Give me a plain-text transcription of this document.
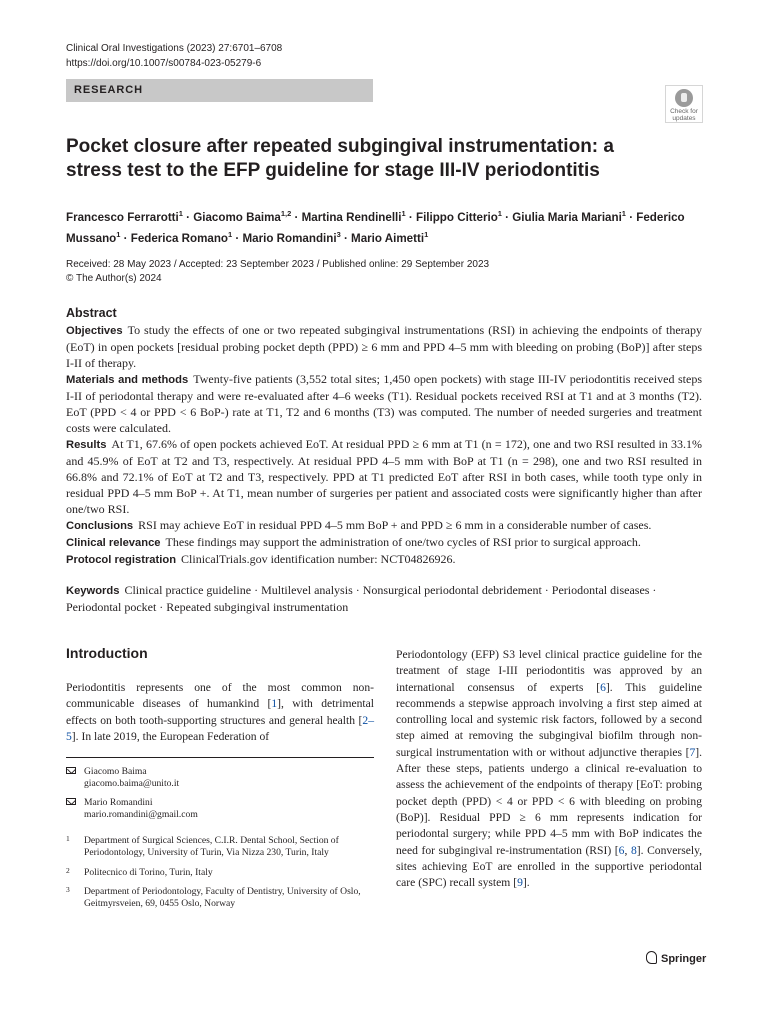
Clinical Oral Investigations (2023) 27:6701–6708
https://doi.org/10.1007/s00784-023-05279-6
RESEARCH
Check for
updates
Pocket closure after repeated subgingival instrumentation: a stress test to the EFP guideline for stage III-IV periodontitis
Francesco Ferrarotti$^1$ · Giacomo Baima$^{1,2}$ · Martina Rendinelli$^1$ · Filippo Citterio$^1$ · Giulia Maria Mariani$^1$ · Federico Mussano$^1$ · Federica Romano$^1$ · Mario Romandini$^3$ · Mario Aimetti$^1$
Received: 28 May 2023 / Accepted: 23 September 2023 / Published online: 29 September 2023
© The Author(s) 2024
Abstract

Objectives To study the effects of one or two repeated subgingival instrumentations (RSI) in achieving the endpoints of therapy (EoT) in open pockets [residual probing pocket depth (PPD) ≥ 6 mm and PPD 4–5 mm with bleeding on probing (BoP)] after steps I-II of therapy.

Materials and methods Twenty-five patients (3,552 total sites; 1,450 open pockets) with stage III-IV periodontitis received steps I-II of periodontal therapy and were re-evaluated after 4–6 weeks (T1). Residual pockets received RSI at T1 and at 3 months (T2). EoT (PPD < 4 or PPD < 6 BoP-) rate at T1, T2 and 6 months (T3) was computed. The number of needed surgeries and treatment costs were calculated.

Results At T1, 67.6% of open pockets achieved EoT. At residual PPD ≥ 6 mm at T1 (n = 172), one and two RSI resulted in 33.1% and 45.9% of EoT at T2 and T3, respectively. At residual PPD 4–5 mm with BoP at T1 (n = 298), one and two RSI resulted in 66.8% and 72.1% of EoT at T2 and T3, respectively. PPD at T1 predicted EoT after RSI in both cases, while tooth type only in residual PPD 4–5 mm BoP +. At T1, mean number of surgeries per patient and associated costs were significantly higher than after one/two RSI.

Conclusions RSI may achieve EoT in residual PPD 4–5 mm BoP + and PPD ≥ 6 mm in a considerable number of cases.

Clinical relevance These findings may support the administration of one/two cycles of RSI prior to surgical approach.

Protocol registration ClinicalTrials.gov identification number: NCT04826926.

Keywords Clinical practice guideline · Multilevel analysis · Nonsurgical periodontal debridement · Periodontal diseases · Periodontal pocket · Repeated subgingival instrumentation
Introduction

Periodontitis represents one of the most common non-communicable diseases of humankind [1], with detrimental effects on both tooth-supporting structures and general health [2–5]. In late 2019, the European Federation of

Periodontology (EFP) S3 level clinical practice guideline for the treatment of stage I-III periodontitis was approved by an international consensus of experts [6]. This guideline recommends a stepwise approach involving a first step aimed at controlling local and systemic risk factors, followed by a second step aimed at removing the subgingival biofilm through non-surgical instrumentation with or without adjunctive therapies [7]. After these steps, patients undergo a clinical re-evaluation to assess the achievement of the endpoints of therapy [EoT: probing pocket depth (PPD) < 4 or PPD < 6 with bleeding on probing (BoP)]. Residual PPD ≥ 6 mm represents indication for periodontal surgery; while PPD 4–5 mm with BoP indicates the need for subgingival re-instrumentation (RSI) [6, 8]. Conversely, sites achieving EoT are enrolled in the supportive periodontal care (SPC) recall system [9].

Giacomo Baima
giacomo.baima@unito.it
Mario Romandini
mario.romandini@gmail.com
1 Department of Surgical Sciences, C.I.R. Dental School, Section of Periodontology, University of Turin, Via Nizza 230, Turin, Italy
2 Politecnico di Torino, Turin, Italy
3 Department of Periodontology, Faculty of Dentistry, University of Oslo, Geitmyrsveien, 69, 0455 Oslo, Norway
Springer
